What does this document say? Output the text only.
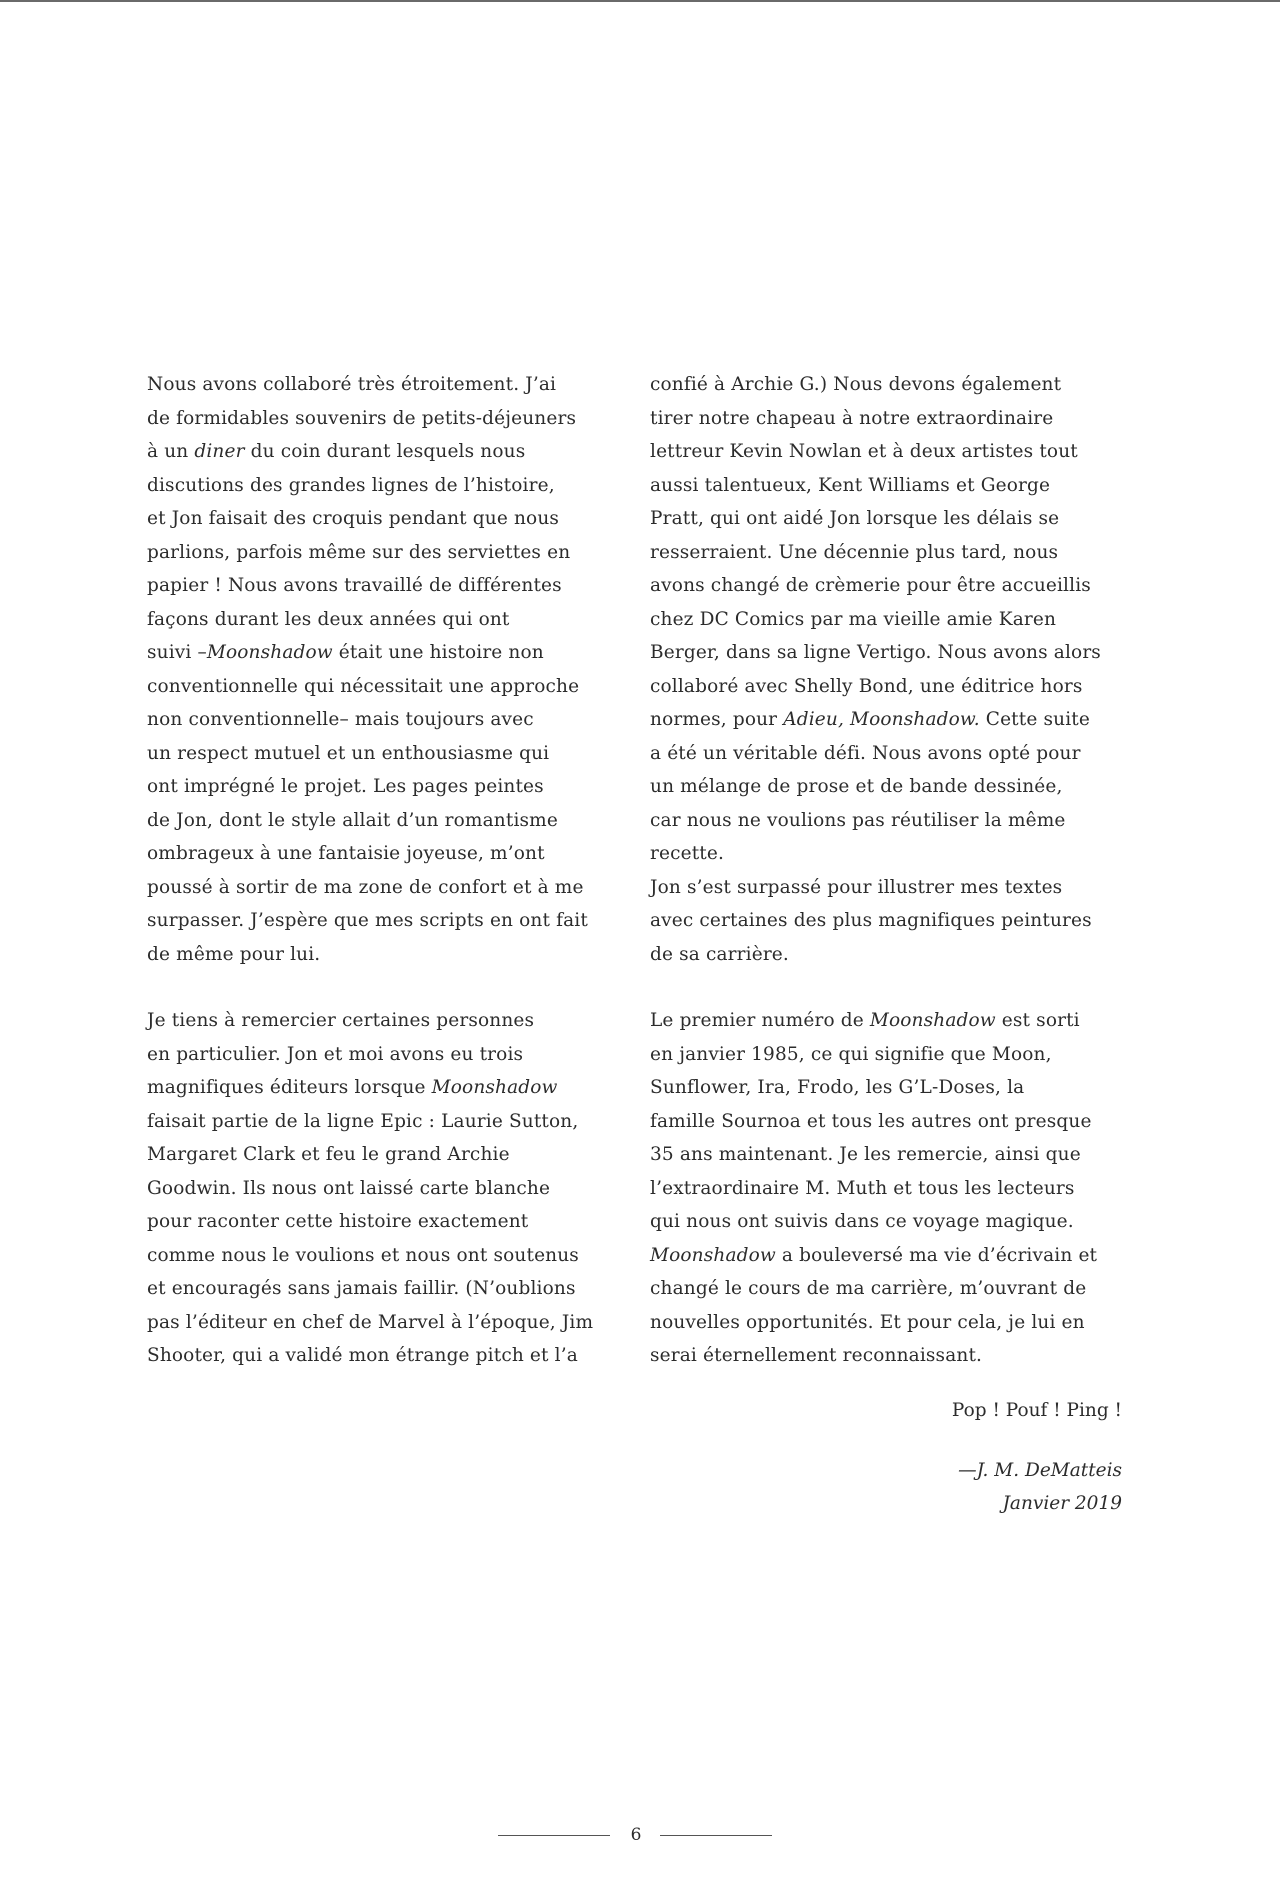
Nous avons collaboré très étroitement. J’ai
de formidables souvenirs de petits-déjeuners
à un diner du coin durant lesquels nous
discutions des grandes lignes de l’histoire,
et Jon faisait des croquis pendant que nous
parlions, parfois même sur des serviettes en
papier ! Nous avons travaillé de différentes
façons durant les deux années qui ont
suivi –Moonshadow était une histoire non
conventionnelle qui nécessitait une approche
non conventionnelle– mais toujours avec
un respect mutuel et un enthousiasme qui
ont imprégné le projet. Les pages peintes
de Jon, dont le style allait d’un romantisme
ombrageux à une fantaisie joyeuse, m’ont
poussé à sortir de ma zone de confort et à me
surpasser. J’espère que mes scripts en ont fait
de même pour lui.
Je tiens à remercier certaines personnes
en particulier. Jon et moi avons eu trois
magnifiques éditeurs lorsque Moonshadow
faisait partie de la ligne Epic : Laurie Sutton,
Margaret Clark et feu le grand Archie
Goodwin. Ils nous ont laissé carte blanche
pour raconter cette histoire exactement
comme nous le voulions et nous ont soutenus
et encouragés sans jamais faillir. (N’oublions
pas l’éditeur en chef de Marvel à l’époque, Jim
Shooter, qui a validé mon étrange pitch et l’a
confié à Archie G.) Nous devons également
tirer notre chapeau à notre extraordinaire
lettreur Kevin Nowlan et à deux artistes tout
aussi talentueux, Kent Williams et George
Pratt, qui ont aidé Jon lorsque les délais se
resserraient. Une décennie plus tard, nous
avons changé de crèmerie pour être accueillis
chez DC Comics par ma vieille amie Karen
Berger, dans sa ligne Vertigo. Nous avons alors
collaboré avec Shelly Bond, une éditrice hors
normes, pour Adieu, Moonshadow. Cette suite
a été un véritable défi. Nous avons opté pour
un mélange de prose et de bande dessinée,
car nous ne voulions pas réutiliser la même
recette.
Jon s’est surpassé pour illustrer mes textes
avec certaines des plus magnifiques peintures
de sa carrière.
Le premier numéro de Moonshadow est sorti
en janvier 1985, ce qui signifie que Moon,
Sunflower, Ira, Frodo, les G’L-Doses, la
famille Sournoa et tous les autres ont presque
35 ans maintenant. Je les remercie, ainsi que
l’extraordinaire M. Muth et tous les lecteurs
qui nous ont suivis dans ce voyage magique.
Moonshadow a bouleversé ma vie d’écrivain et
changé le cours de ma carrière, m’ouvrant de
nouvelles opportunités. Et pour cela, je lui en
serai éternellement reconnaissant.
Pop ! Pouf ! Ping !
—J. M. DeMatteis
Janvier 2019
6
